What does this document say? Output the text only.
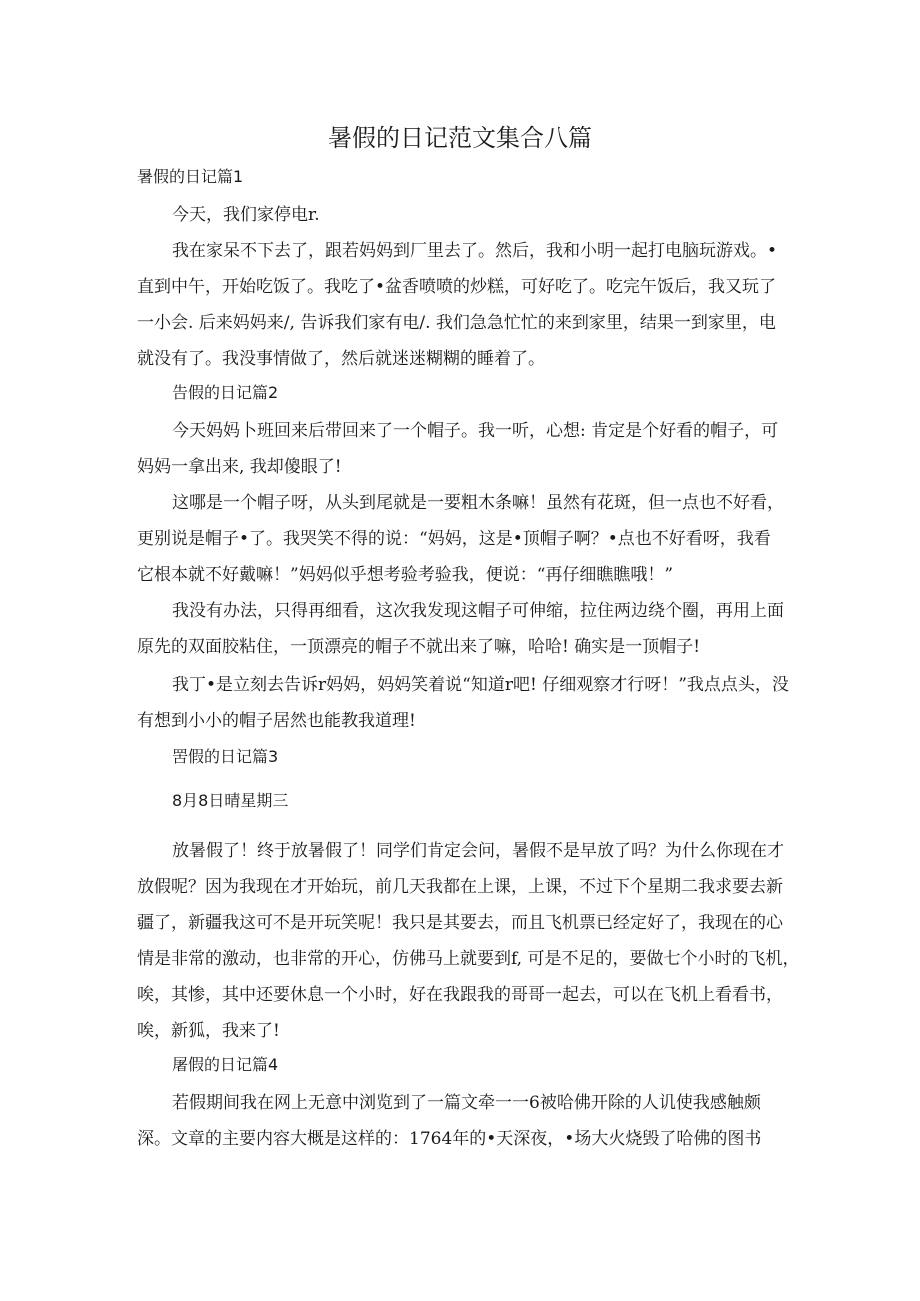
暑假的日记范文集合八篇
暑假的日记篇1
今天，我们家停电r.
我在家呆不下去了，跟若妈妈到厂里去了。然后，我和小明一起打电脑玩游戏。•
直到中午，开始吃饭了。我吃了•盆香喷喷的炒糕，可好吃了。吃完午饭后，我又玩了
一小会. 后来妈妈来/, 告诉我们家有电/. 我们急急忙忙的来到家里，结果一到家里，电
就没有了。我没事情做了，然后就迷迷糊糊的睡着了。
告假的日记篇2
今天妈妈卜班回来后带回来了一个帽子。我一听，心想: 肯定是个好看的帽子，可
妈妈一拿出来, 我却傻眼了!
这哪是一个帽子呀，从头到尾就是一要粗木条嘛！虽然有花斑，但一点也不好看，
更别说是帽子•了。我哭笑不得的说：“妈妈，这是•顶帽子啊？•点也不好看呀，我看
它根本就不好戴嘛！”妈妈似乎想考验考验我，便说：“再仔细瞧瞧哦！”
我没有办法，只得再细看，这次我发现这帽子可伸缩，拉住两边绕个圈，再用上面
原先的双面胶粘住，一顶漂亮的帽子不就出来了嘛，哈哈! 确实是一顶帽子!
我丁•是立刻去告诉r妈妈，妈妈笑着说“知道r吧! 仔细观察才行呀！”我点点头，没
有想到小小的帽子居然也能教我道理!
罟假的日记篇3
8月8日晴星期三
放暑假了！终于放暑假了！同学们肯定会问，暑假不是早放了吗？为什么你现在才
放假呢？因为我现在才开始玩，前几天我都在上课，上课，不过下个星期二我求要去新
疆了，新疆我这可不是开玩笑呢！我只是其要去，而且飞机票已经定好了，我现在的心
情是非常的激动，也非常的开心，仿佛马上就要到f, 可是不足的，要做七个小时的飞机，
唉，其惨，其中还要休息一个小时，好在我跟我的哥哥一起去，可以在飞机上看看书，
唉，新狐，我来了!
屠假的日记篇4
若假期间我在网上无意中浏览到了一篇文牵一一6被哈佛开除的人讥使我感触颇
深。文章的主要内容大概是这样的：1764年的•天深夜，•场大火烧毁了哈佛的图书
